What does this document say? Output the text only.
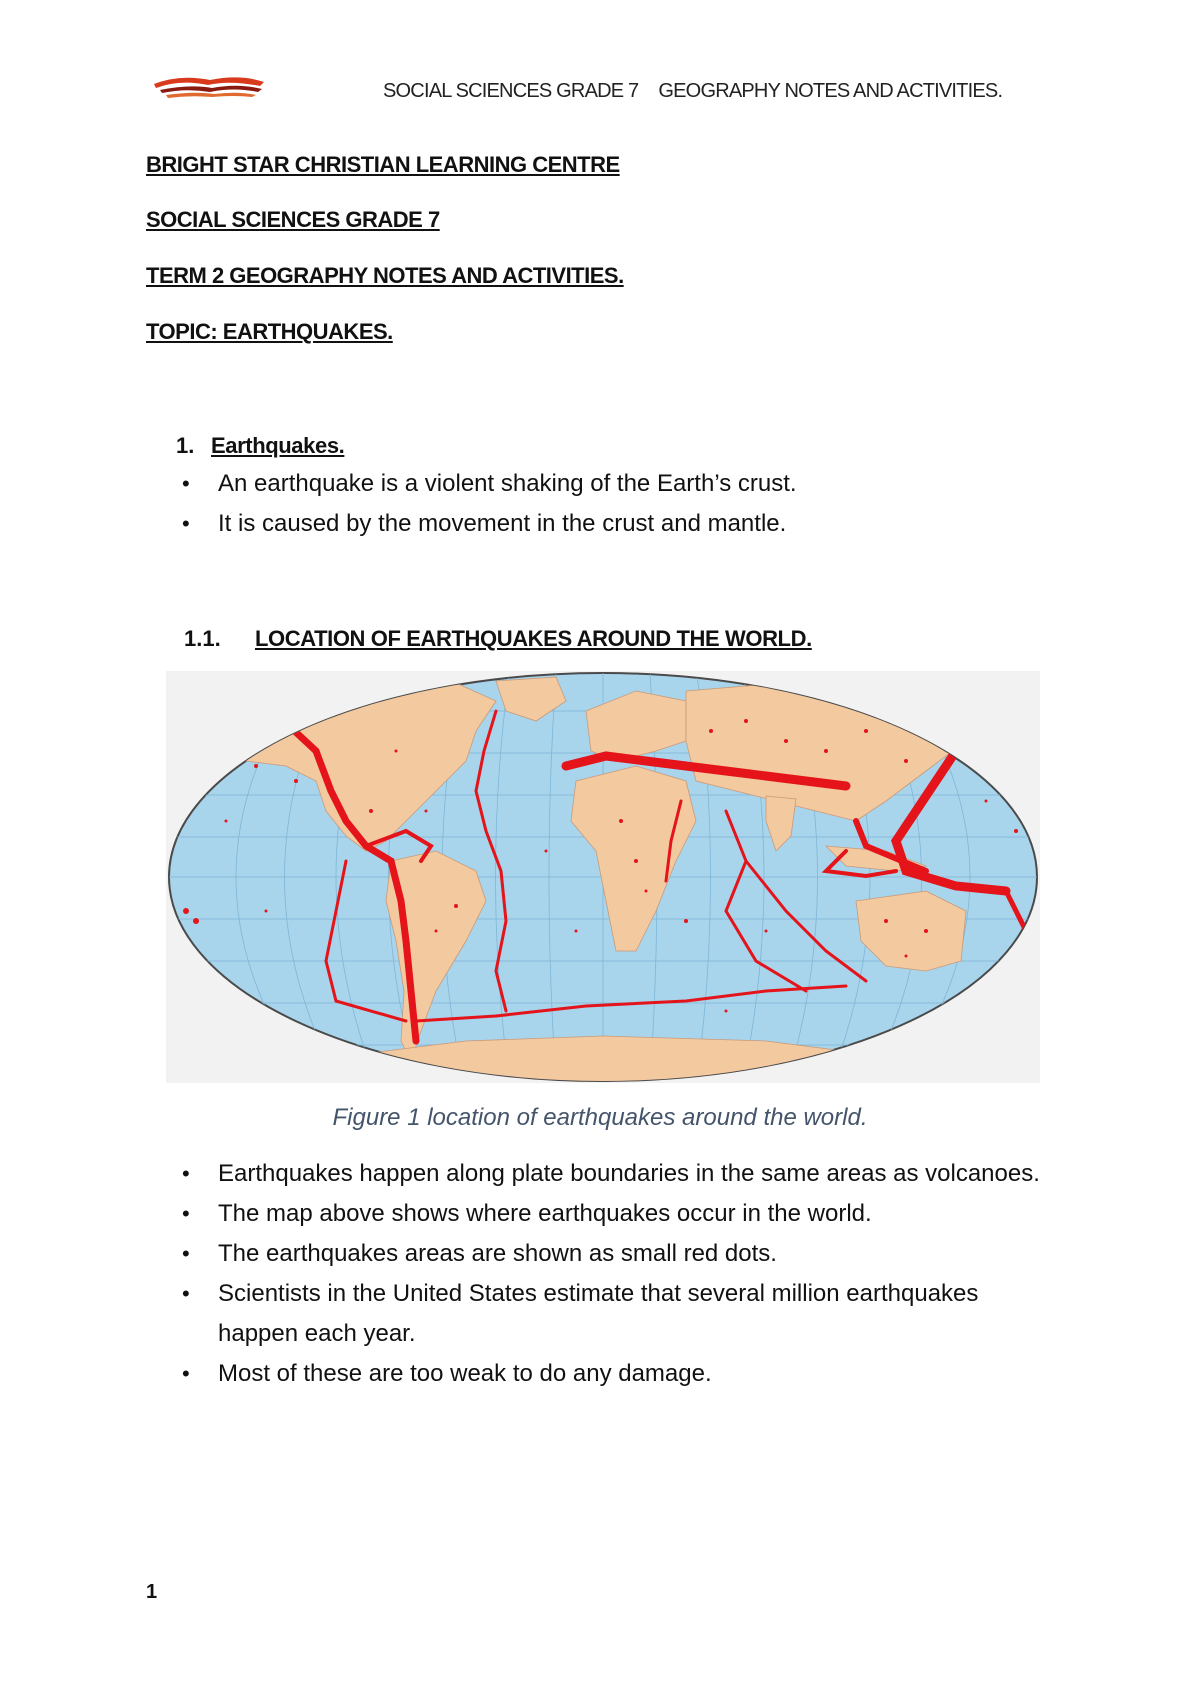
SOCIAL SCIENCES GRADE 7 GEOGRAPHY NOTES AND ACTIVITIES.
BRIGHT STAR CHRISTIAN LEARNING CENTRE
SOCIAL SCIENCES GRADE 7
TERM 2 GEOGRAPHY NOTES AND ACTIVITIES.
TOPIC: EARTHQUAKES.
1. Earthquakes.
• An earthquake is a violent shaking of the Earth’s crust.
• It is caused by the movement in the crust and mantle.
1.1. LOCATION OF EARTHQUAKES AROUND THE WORLD.
Figure 1 location of earthquakes around the world.
• Earthquakes happen along plate boundaries in the same areas as volcanoes.
• The map above shows where earthquakes occur in the world.
• The earthquakes areas are shown as small red dots.
• Scientists in the United States estimate that several million earthquakes happen each year.
• Most of these are too weak to do any damage.
1
